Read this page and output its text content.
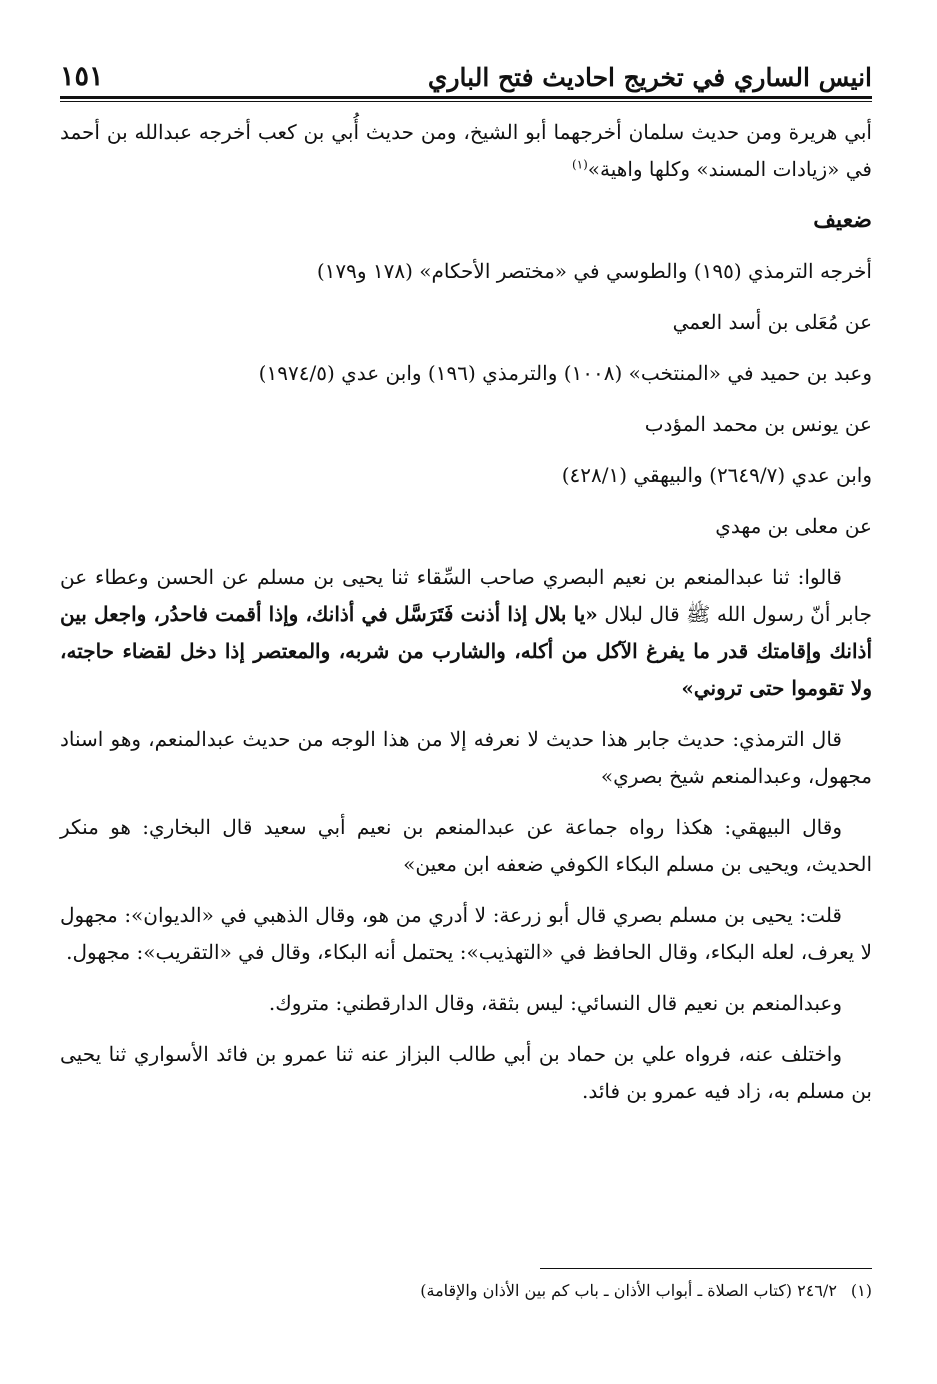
١٥١	انيس الساري في تخريج احاديث فتح الباري

أبي هريرة ومن حديث سلمان أخرجهما أبو الشيخ، ومن حديث أُبي بن كعب أخرجه عبدالله بن أحمد في «زيادات المسند» وكلها واهية»$^{(١)}$

ضعيف

أخرجه الترمذي (١٩٥) والطوسي في «مختصر الأحكام» (١٧٨ و١٧٩)

عن مُعَلى بن أسد العمي

وعبد بن حميد في «المنتخب» (١٠٠٨) والترمذي (١٩٦) وابن عدي (١٩٧٤/٥)

عن يونس بن محمد المؤدب

وابن عدي (٢٦٤٩/٧) والبيهقي (٤٢٨/١)

عن معلى بن مهدي

قالوا: ثنا عبدالمنعم بن نعيم البصري صاحب السِّقاء ثنا يحيى بن مسلم عن الحسن وعطاء عن جابر أنّ رسول الله ﷺ قال لبلال «يا بلال إذا أذنت فَتَرَسَّل في أذانك، وإذا أقمت فاحدُر، واجعل بين أذانك وإقامتك قدر ما يفرغ الآكل من أكله، والشارب من شربه، والمعتصر إذا دخل لقضاء حاجته، ولا تقوموا حتى تروني»

قال الترمذي: حديث جابر هذا حديث لا نعرفه إلا من هذا الوجه من حديث عبدالمنعم، وهو اسناد مجهول، وعبدالمنعم شيخ بصري»

وقال البيهقي: هكذا رواه جماعة عن عبدالمنعم بن نعيم أبي سعيد قال البخاري: هو منكر الحديث، ويحيى بن مسلم البكاء الكوفي ضعفه ابن معين»

قلت: يحيى بن مسلم بصري قال أبو زرعة: لا أدري من هو، وقال الذهبي في «الديوان»: مجهول لا يعرف، لعله البكاء، وقال الحافظ في «التهذيب»: يحتمل أنه البكاء، وقال في «التقريب»: مجهول.

وعبدالمنعم بن نعيم قال النسائي: ليس بثقة، وقال الدارقطني: متروك.

واختلف عنه، فرواه علي بن حماد بن أبي طالب البزاز عنه ثنا عمرو بن فائد الأسواري ثنا يحيى بن مسلم به، زاد فيه عمرو بن فائد.

(١)٢٤٦/٢ (كتاب الصلاة ـ أبواب الأذان ـ باب كم بين الأذان والإقامة)
